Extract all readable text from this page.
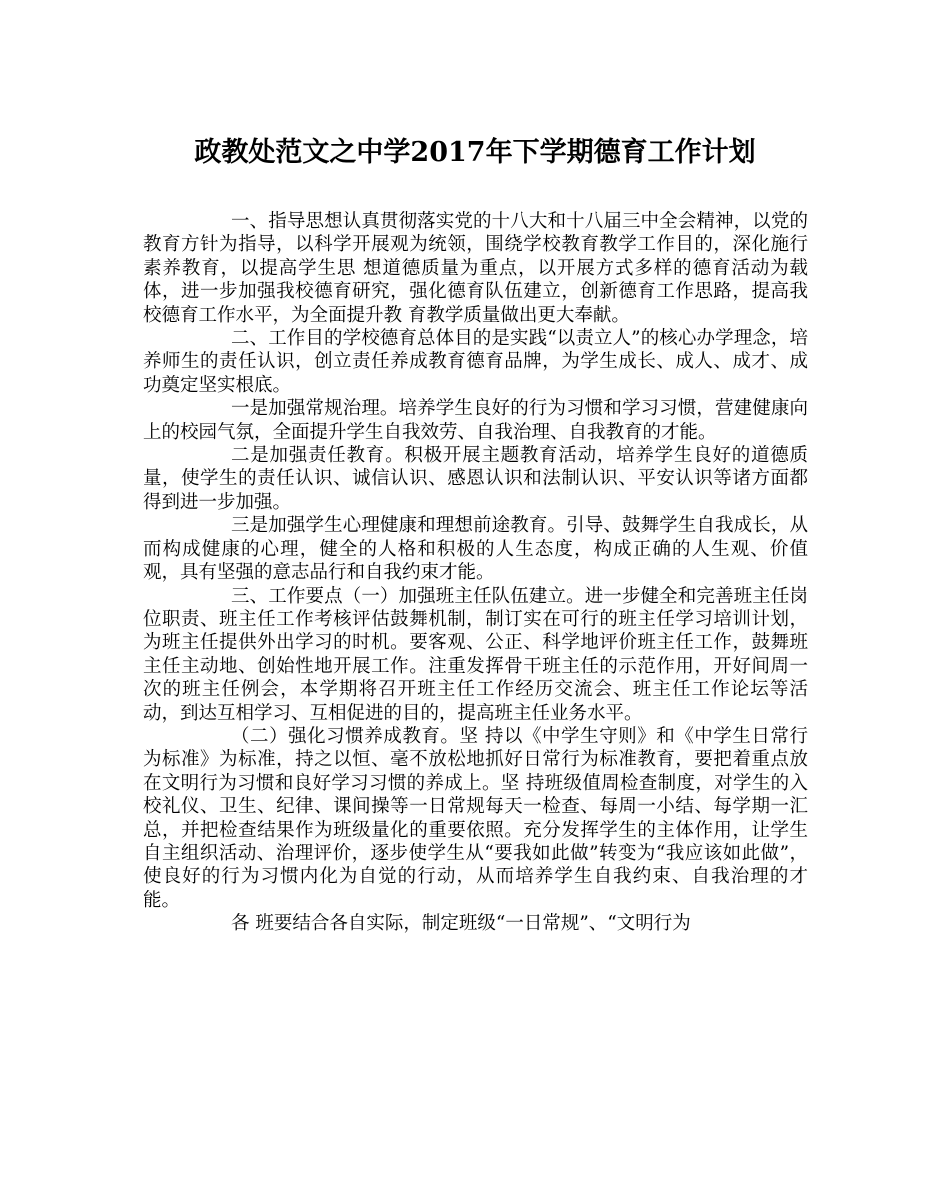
政教处范文之中学2017年下学期德育工作计划

一、指导思想认真贯彻落实党的十八大和十八届三中全会精神，以党的教育方针为指导，以科学开展观为统领，围绕学校教育教学工作目的，深化施行素养教育，以提高学生思 想道德质量为重点，以开展方式多样的德育活动为载体，进一步加强我校德育研究，强化德育队伍建立，创新德育工作思路，提高我校德育工作水平，为全面提升教 育教学质量做出更大奉献。

二、工作目的学校德育总体目的是实践“以责立人”的核心办学理念，培养师生的责任认识，创立责任养成教育德育品牌，为学生成长、成人、成才、成功奠定坚实根底。

一是加强常规治理。培养学生良好的行为习惯和学习习惯，营建健康向上的校园气氛，全面提升学生自我效劳、自我治理、自我教育的才能。

二是加强责任教育。积极开展主题教育活动，培养学生良好的道德质量，使学生的责任认识、诚信认识、感恩认识和法制认识、平安认识等诸方面都得到进一步加强。

三是加强学生心理健康和理想前途教育。引导、鼓舞学生自我成长，从而构成健康的心理，健全的人格和积极的人生态度，构成正确的人生观、价值观，具有坚强的意志品行和自我约束才能。

三、工作要点（一）加强班主任队伍建立。进一步健全和完善班主任岗位职责、班主任工作考核评估鼓舞机制，制订实在可行的班主任学习培训计划，为班主任提供外出学习的时机。要客观、公正、科学地评价班主任工作，鼓舞班主任主动地、创始性地开展工作。注重发挥骨干班主任的示范作用，开好间周一次的班主任例会，本学期将召开班主任工作经历交流会、班主任工作论坛等活动，到达互相学习、互相促进的目的，提高班主任业务水平。

（二）强化习惯养成教育。坚 持以《中学生守则》和《中学生日常行为标准》为标准，持之以恒、毫不放松地抓好日常行为标准教育，要把着重点放在文明行为习惯和良好学习习惯的养成上。坚 持班级值周检查制度，对学生的入校礼仪、卫生、纪律、课间操等一日常规每天一检查、每周一小结、每学期一汇总，并把检查结果作为班级量化的重要依照。充分发挥学生的主体作用，让学生自主组织活动、治理评价，逐步使学生从“要我如此做”转变为“我应该如此做”，使良好的行为习惯内化为自觉的行动，从而培养学生自我约束、自我治理的才能。

各 班要结合各自实际，制定班级“一日常规”、“文明行为
